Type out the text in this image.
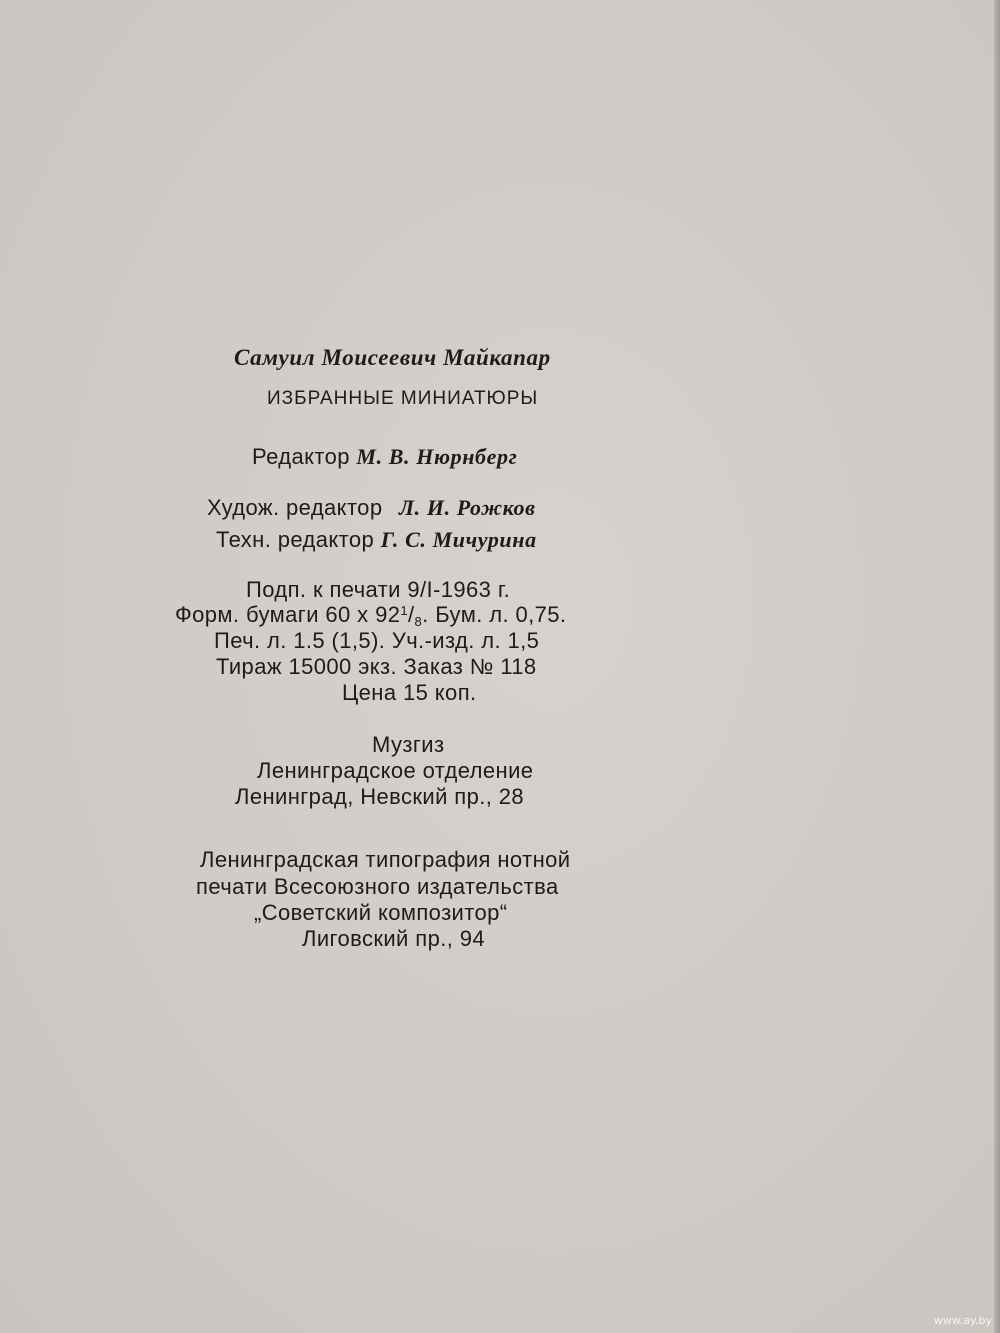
Самуил Моисеевич Майкапар
ИЗБРАННЫЕ МИНИАТЮРЫ
Редактор М. В. Нюрнберг
Худож. редактор Л. И. Рожков
Техн. редактор Г. С. Мичурина
Подп. к печати 9/I-1963 г.
Форм. бумаги 60 х $92^1/_8$. Бум. л. 0,75.
Печ. л. 1.5 (1,5). Уч.-изд. л. 1,5
Тираж 15000 экз. Заказ № 118
Цена 15 коп.
Музгиз
Ленинградское отделение
Ленинград, Невский пр., 28
Ленинградская типография нотной
печати Всесоюзного издательства
„Советский композитор“
Лиговский пр., 94
www.ay.by
